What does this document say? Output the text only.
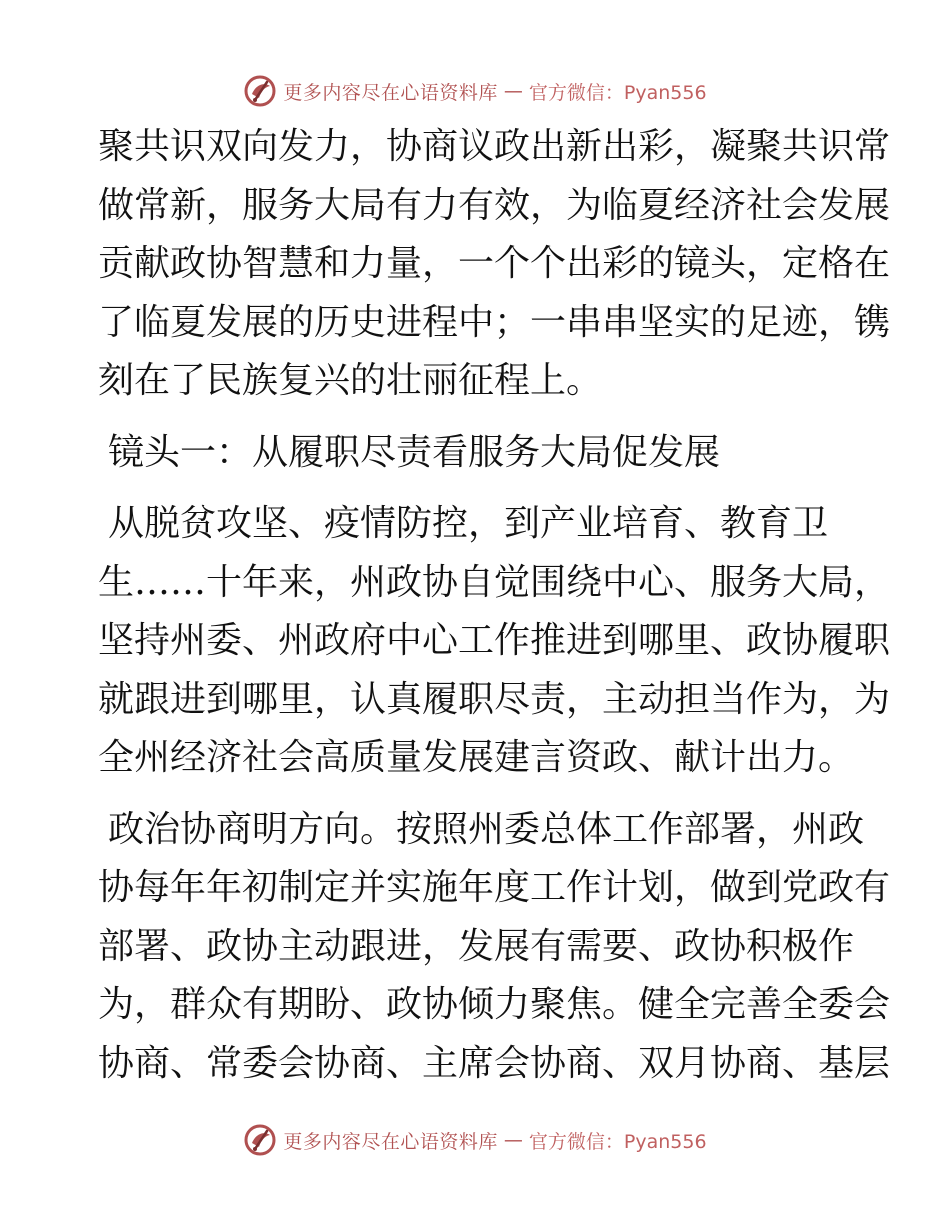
更多内容尽在心语资料库 — 官方微信：Pyan556
聚共识双向发力，协商议政出新出彩，凝聚共识常
做常新，服务大局有力有效，为临夏经济社会发展
贡献政协智慧和力量，一个个出彩的镜头，定格在
了临夏发展的历史进程中；一串串坚实的足迹，镌
刻在了民族复兴的壮丽征程上。
镜头一：从履职尽责看服务大局促发展
从脱贫攻坚、疫情防控，到产业培育、教育卫
生……十年来，州政协自觉围绕中心、服务大局，
坚持州委、州政府中心工作推进到哪里、政协履职
就跟进到哪里，认真履职尽责，主动担当作为，为
全州经济社会高质量发展建言资政、献计出力。
政治协商明方向。按照州委总体工作部署，州政
协每年年初制定并实施年度工作计划，做到党政有
部署、政协主动跟进，发展有需要、政协积极作
为，群众有期盼、政协倾力聚焦。健全完善全委会
协商、常委会协商、主席会协商、双月协商、基层
更多内容尽在心语资料库 — 官方微信：Pyan556
